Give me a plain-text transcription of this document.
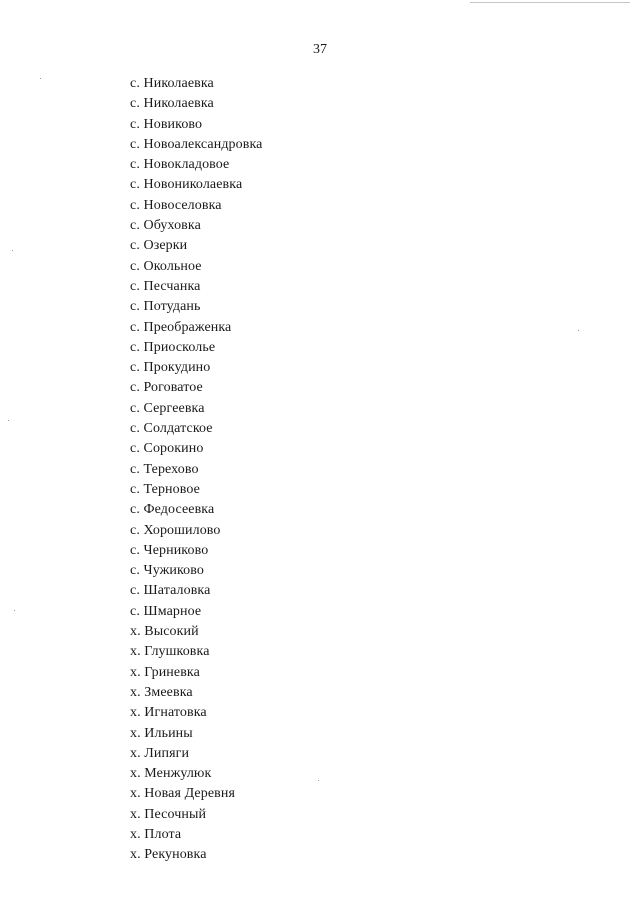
37
с. Николаевка
с. Николаевка
с. Новиково
с. Новоалександровка
с. Новокладовое
с. Новониколаевка
с. Новоселовка
с. Обуховка
с. Озерки
с. Окольное
с. Песчанка
с. Потудань
с. Преображенка
с. Приосколье
с. Прокудино
с. Роговатое
с. Сергеевка
с. Солдатское
с. Сорокино
с. Терехово
с. Терновое
с. Федосеевка
с. Хорошилово
с. Черниково
с. Чужиково
с. Шаталовка
с. Шмарное
х. Высокий
х. Глушковка
х. Гриневка
х. Змеевка
х. Игнатовка
х. Ильины
х. Липяги
х. Менжулюк
х. Новая Деревня
х. Песочный
х. Плота
х. Рекуновка
